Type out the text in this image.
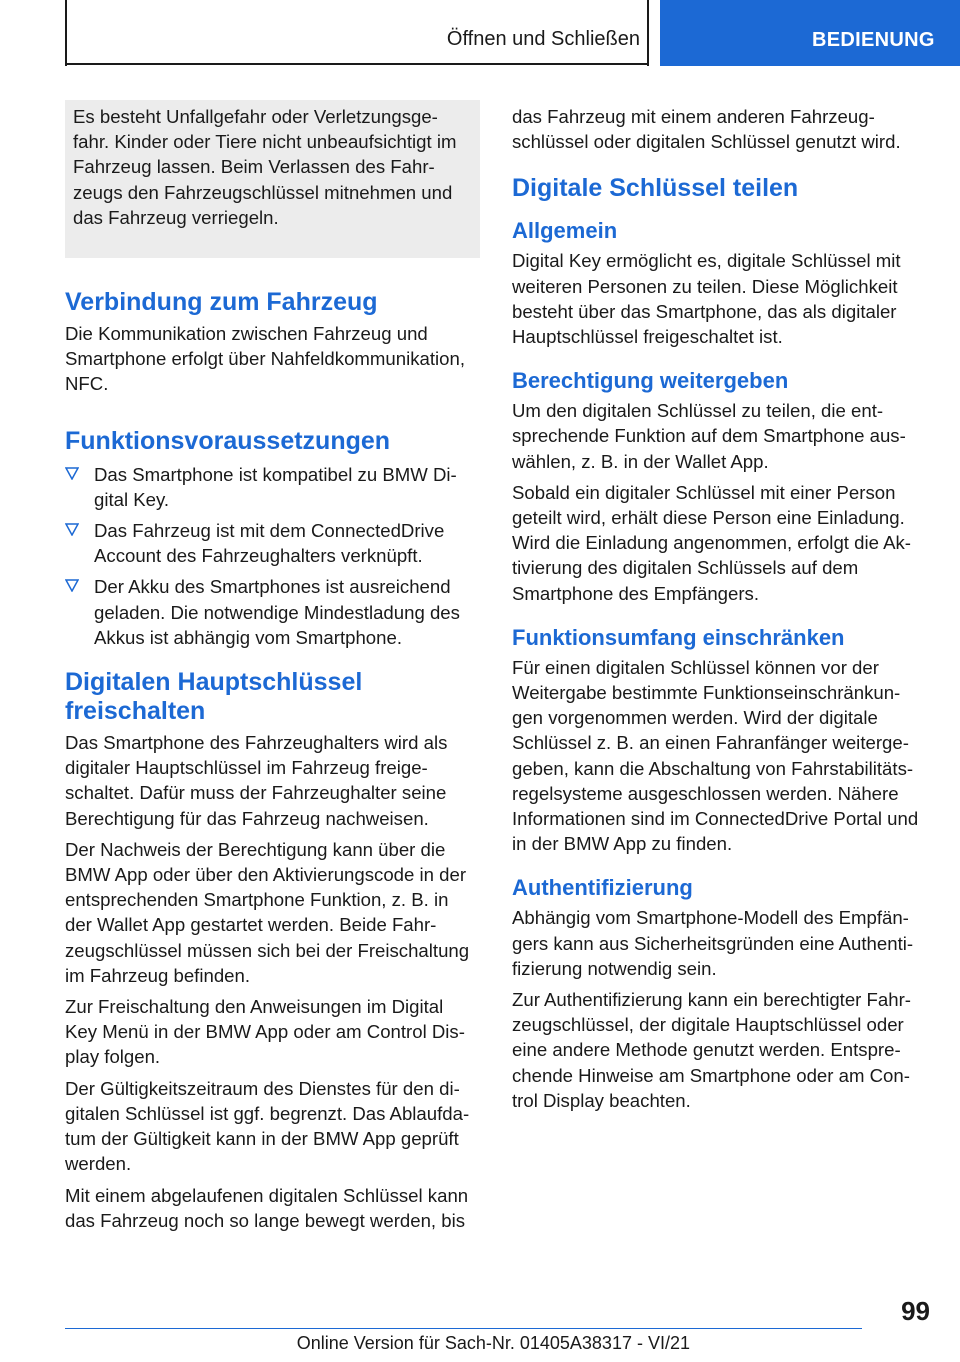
Öffnen und Schließen	BEDIENUNG
Es besteht Unfallgefahr oder Verletzungsge-fahr. Kinder oder Tiere nicht unbeaufsichtigt im Fahrzeug lassen. Beim Verlassen des Fahr-zeugs den Fahrzeugschlüssel mitnehmen und das Fahrzeug verriegeln.
Verbindung zum Fahrzeug
Die Kommunikation zwischen Fahrzeug und Smartphone erfolgt über Nahfeldkommunikation, NFC.
Funktionsvoraussetzungen
Das Smartphone ist kompatibel zu BMW Di-gital Key.
Das Fahrzeug ist mit dem ConnectedDrive Account des Fahrzeughalters verknüpft.
Der Akku des Smartphones ist ausreichend geladen. Die notwendige Mindestladung des Akkus ist abhängig vom Smartphone.
Digitalen Hauptschlüssel freischalten
Das Smartphone des Fahrzeughalters wird als digitaler Hauptschlüssel im Fahrzeug freige-schaltet. Dafür muss der Fahrzeughalter seine Berechtigung für das Fahrzeug nachweisen.
Der Nachweis der Berechtigung kann über die BMW App oder über den Aktivierungscode in der entsprechenden Smartphone Funktion, z. B. in der Wallet App gestartet werden. Beide Fahr-zeugschlüssel müssen sich bei der Freischaltung im Fahrzeug befinden.
Zur Freischaltung den Anweisungen im Digital Key Menü in der BMW App oder am Control Dis-play folgen.
Der Gültigkeitszeitraum des Dienstes für den di-gitalen Schlüssel ist ggf. begrenzt. Das Ablaufda-tum der Gültigkeit kann in der BMW App geprüft werden.
Mit einem abgelaufenen digitalen Schlüssel kann das Fahrzeug noch so lange bewegt werden, bis
das Fahrzeug mit einem anderen Fahrzeug-schlüssel oder digitalen Schlüssel genutzt wird.
Digitale Schlüssel teilen
Allgemein
Digital Key ermöglicht es, digitale Schlüssel mit weiteren Personen zu teilen. Diese Möglichkeit besteht über das Smartphone, das als digitaler Hauptschlüssel freigeschaltet ist.
Berechtigung weitergeben
Um den digitalen Schlüssel zu teilen, die ent-sprechende Funktion auf dem Smartphone aus-wählen, z. B. in der Wallet App.
Sobald ein digitaler Schlüssel mit einer Person geteilt wird, erhält diese Person eine Einladung. Wird die Einladung angenommen, erfolgt die Ak-tivierung des digitalen Schlüssels auf dem Smartphone des Empfängers.
Funktionsumfang einschränken
Für einen digitalen Schlüssel können vor der Weitergabe bestimmte Funktionseinschränkun-gen vorgenommen werden. Wird der digitale Schlüssel z. B. an einen Fahranfänger weiterge-geben, kann die Abschaltung von Fahrstabilitäts-regelsysteme ausgeschlossen werden. Nähere Informationen sind im ConnectedDrive Portal und in der BMW App zu finden.
Authentifizierung
Abhängig vom Smartphone-Modell des Empfän-gers kann aus Sicherheitsgründen eine Authenti-fizierung notwendig sein.
Zur Authentifizierung kann ein berechtigter Fahr-zeugschlüssel, der digitale Hauptschlüssel oder eine andere Methode genutzt werden. Entspre-chende Hinweise am Smartphone oder am Con-trol Display beachten.
99
Online Version für Sach-Nr. 01405A38317 - VI/21
